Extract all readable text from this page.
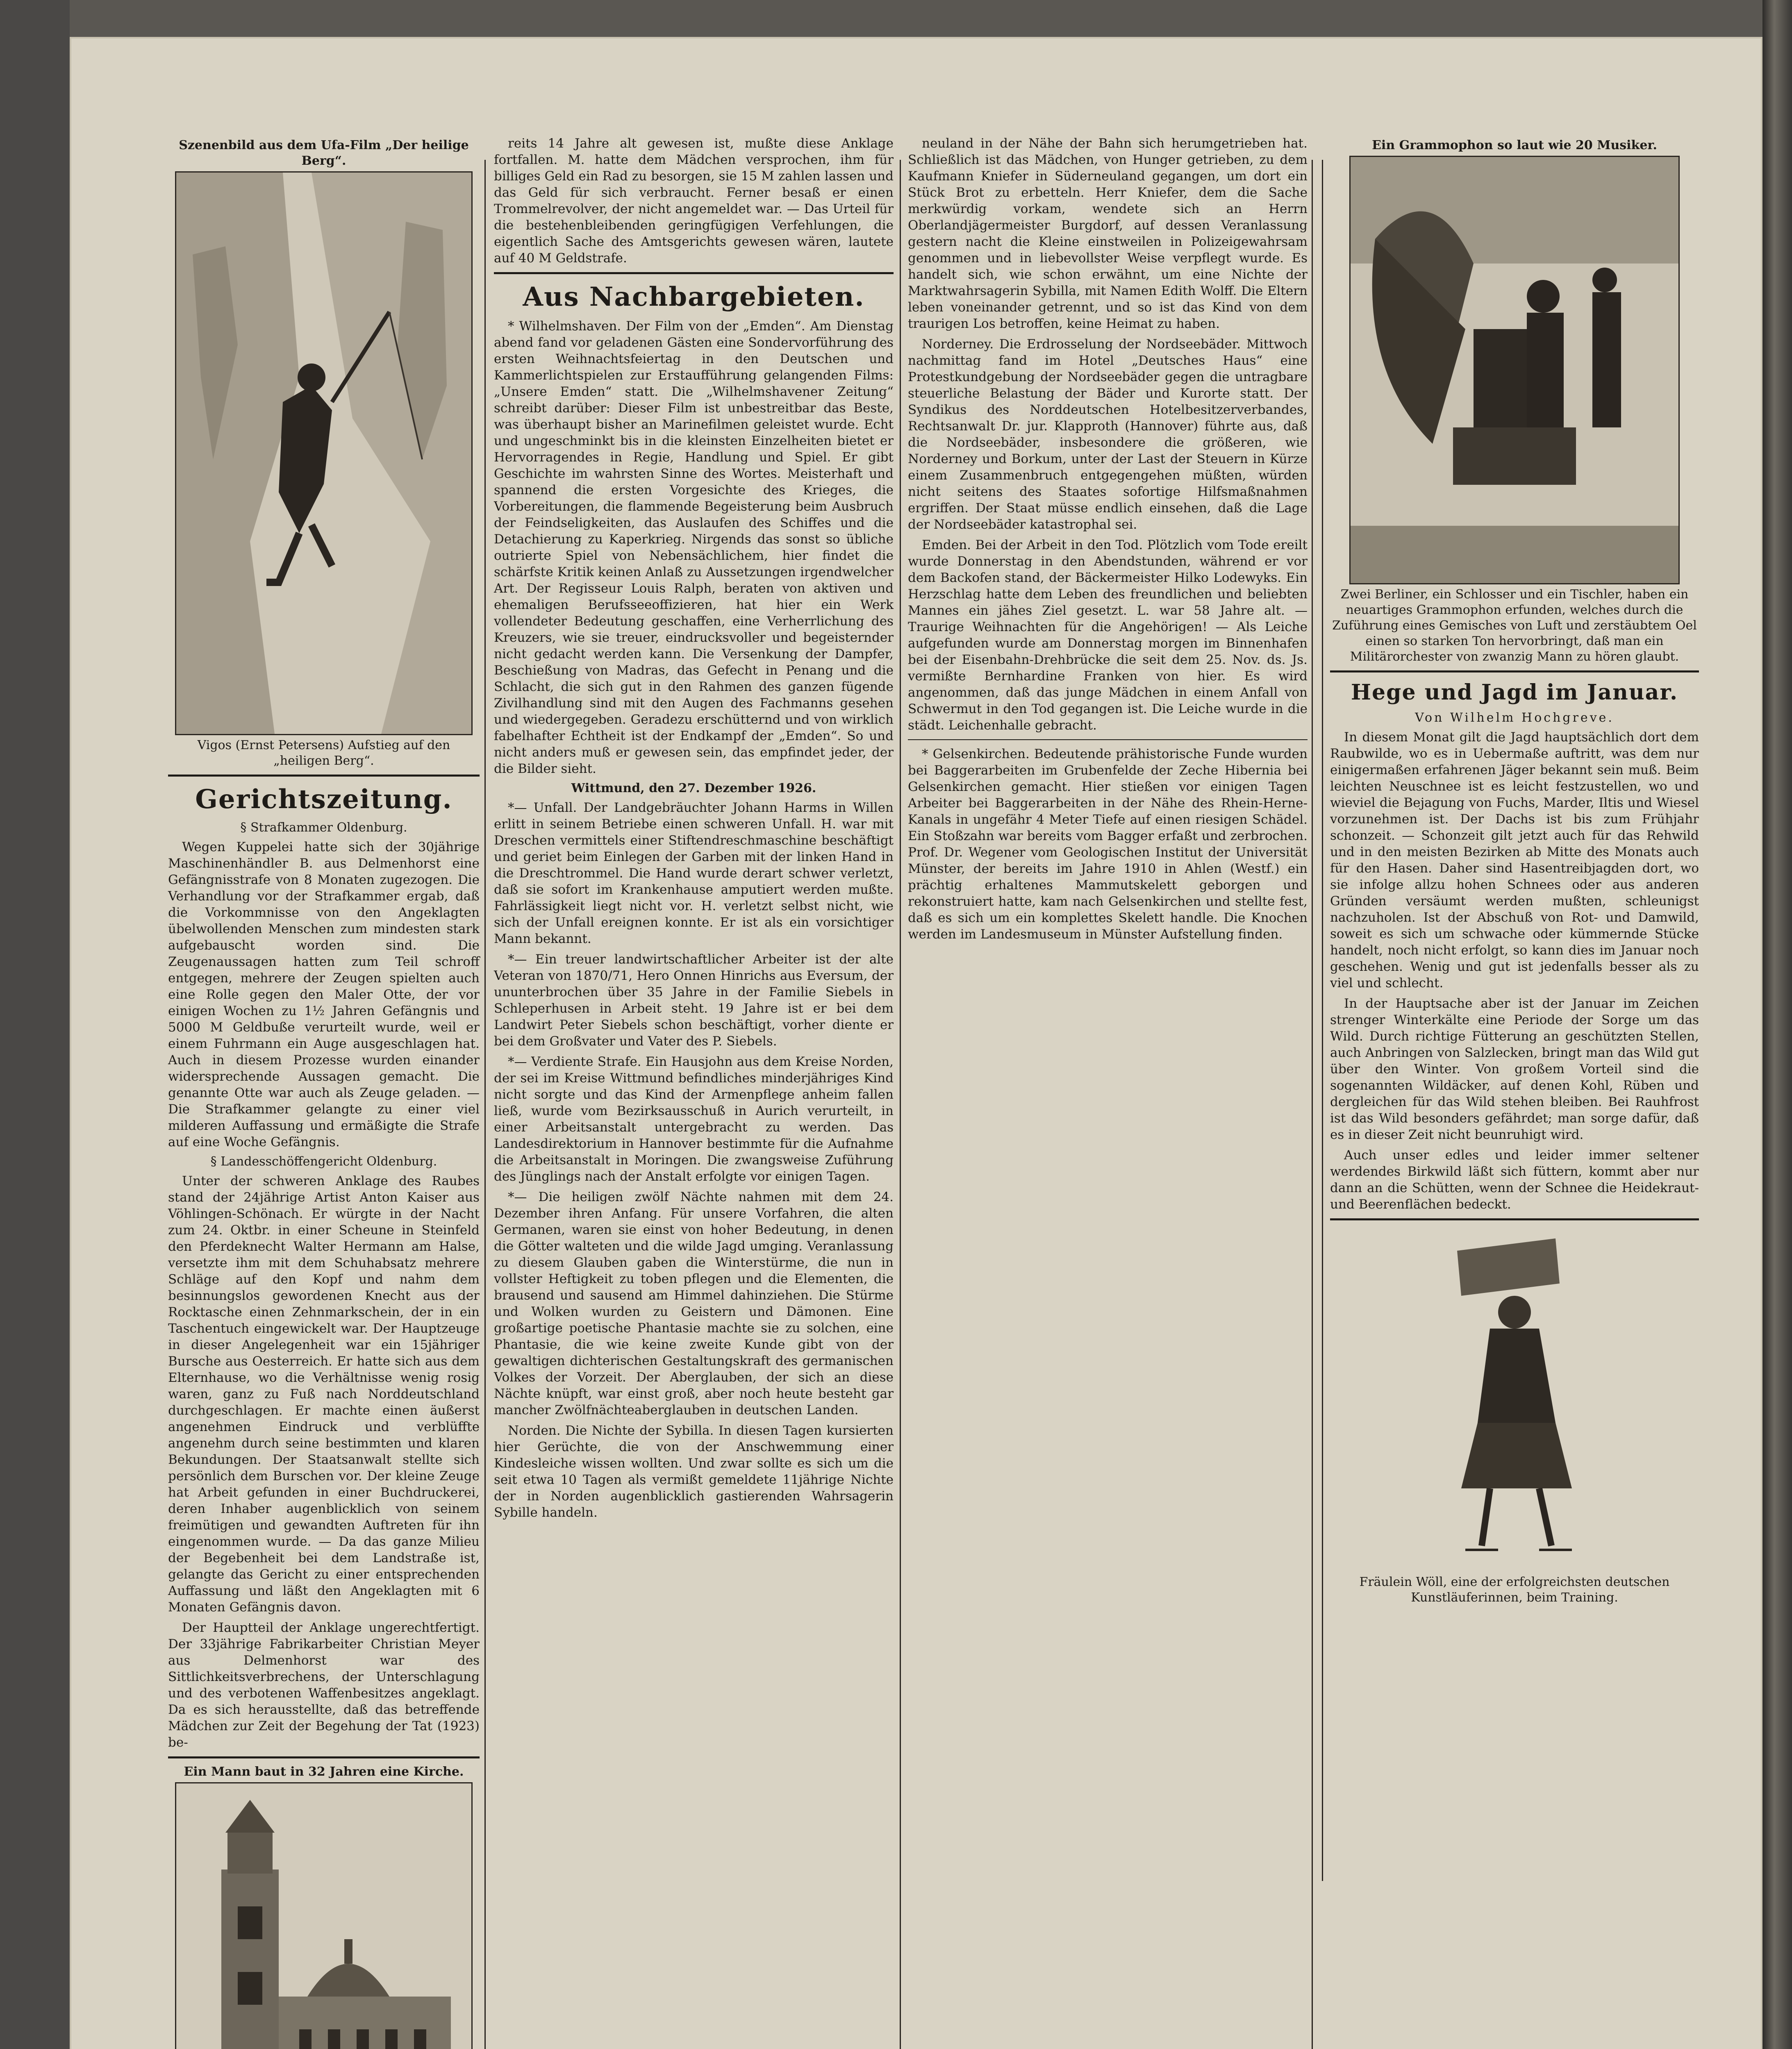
Szenenbild aus dem Ufa-Film „Der heilige Berg“.
Vigos (Ernst Petersens) Aufstieg auf den „heiligen Berg“.
Gerichtszeitung.
§ Strafkammer Oldenburg.

Wegen Kuppelei hatte sich der 30jährige Maschinenhändler B. aus Delmenhorst eine Gefängnisstrafe von 8 Monaten zugezogen. Die Verhandlung vor der Strafkammer ergab, daß die Vorkommnisse von den Angeklagten übelwollenden Menschen zum mindesten stark aufgebauscht worden sind. Die Zeugenaussagen hatten zum Teil schroff entgegen, mehrere der Zeugen spielten auch eine Rolle gegen den Maler Otte, der vor einigen Wochen zu 1½ Jahren Gefängnis und 5000 M Geldbuße verurteilt wurde, weil er einem Fuhrmann ein Auge ausgeschlagen hat. Auch in diesem Prozesse wurden einander widersprechende Aussagen gemacht. Die genannte Otte war auch als Zeuge geladen. — Die Strafkammer gelangte zu einer viel milderen Auffassung und ermäßigte die Strafe auf eine Woche Gefängnis.

§ Landesschöffengericht Oldenburg.

Unter der schweren Anklage des Raubes stand der 24jährige Artist Anton Kaiser aus Vöhlingen-Schönach. Er würgte in der Nacht zum 24. Oktbr. in einer Scheune in Steinfeld den Pferdeknecht Walter Hermann am Halse, versetzte ihm mit dem Schuhabsatz mehrere Schläge auf den Kopf und nahm dem besinnungslos gewordenen Knecht aus der Rocktasche einen Zehnmarkschein, der in ein Taschentuch eingewickelt war. Der Hauptzeuge in dieser Angelegenheit war ein 15jähriger Bursche aus Oesterreich. Er hatte sich aus dem Elternhause, wo die Verhältnisse wenig rosig waren, ganz zu Fuß nach Norddeutschland durchgeschlagen. Er machte einen äußerst angenehmen Eindruck und verblüffte angenehm durch seine bestimmten und klaren Bekundungen. Der Staatsanwalt stellte sich persönlich dem Burschen vor. Der kleine Zeuge hat Arbeit gefunden in einer Buchdruckerei, deren Inhaber augenblicklich von seinem freimütigen und gewandten Auftreten für ihn eingenommen wurde. — Da das ganze Milieu der Begebenheit bei dem Landstraße ist, gelangte das Gericht zu einer entsprechenden Auffassung und läßt den Angeklagten mit 6 Monaten Gefängnis davon.

Der Hauptteil der Anklage ungerechtfertigt. Der 33jährige Fabrikarbeiter Christian Meyer aus Delmenhorst war des Sittlichkeitsverbrechens, der Unterschlagung und des verbotenen Waffenbesitzes angeklagt. Da es sich herausstellte, daß das betreffende Mädchen zur Zeit der Begehung der Tat (1923) be-

Ein Mann baut in 32 Jahren eine Kirche.

reits 14 Jahre alt gewesen ist, mußte diese Anklage fortfallen. M. hatte dem Mädchen versprochen, ihm für billiges Geld ein Rad zu besorgen, sie 15 M zahlen lassen und das Geld für sich verbraucht. Ferner besaß er einen Trommelrevolver, der nicht angemeldet war. — Das Urteil für die bestehenbleibenden geringfügigen Verfehlungen, die eigentlich Sache des Amtsgerichts gewesen wären, lautete auf 40 M Geldstrafe.

Aus Nachbargebieten.

* Wilhelmshaven. Der Film von der „Emden“. Am Dienstag abend fand vor geladenen Gästen eine Sondervorführung des ersten Weihnachtsfeiertag in den Deutschen und Kammerlichtspielen zur Erstaufführung gelangenden Films: „Unsere Emden“ statt. Die „Wilhelmshavener Zeitung“ schreibt darüber: Dieser Film ist unbestreitbar das Beste, was überhaupt bisher an Marinefilmen geleistet wurde. Echt und ungeschminkt bis in die kleinsten Einzelheiten bietet er Hervorragendes in Regie, Handlung und Spiel. Er gibt Geschichte im wahrsten Sinne des Wortes. Meisterhaft und spannend die ersten Vorgesichte des Krieges, die Vorbereitungen, die flammende Begeisterung beim Ausbruch der Feindseligkeiten, das Auslaufen des Schiffes und die Detachierung zu Kaperkrieg. Nirgends das sonst so übliche outrierte Spiel von Nebensächlichem, hier findet die schärfste Kritik keinen Anlaß zu Aussetzungen irgendwelcher Art. Der Regisseur Louis Ralph, beraten von aktiven und ehemaligen Berufsseeoffizieren, hat hier ein Werk vollendeter Bedeutung geschaffen, eine Verherrlichung des Kreuzers, wie sie treuer, eindrucksvoller und begeisternder nicht gedacht werden kann. Die Versenkung der Dampfer, Beschießung von Madras, das Gefecht in Penang und die Schlacht, die sich gut in den Rahmen des ganzen fügende Zivilhandlung sind mit den Augen des Fachmanns gesehen und wiedergegeben. Geradezu erschütternd und von wirklich fabelhafter Echtheit ist der Endkampf der „Emden“. So und nicht anders muß er gewesen sein, das empfindet jeder, der die Bilder sieht.

Wittmund, den 27. Dezember 1926.

*— Unfall. Der Landgebräuchter Johann Harms in Willen erlitt in seinem Betriebe einen schweren Unfall. H. war mit Dreschen vermittels einer Stiftendreschmaschine beschäftigt und geriet beim Einlegen der Garben mit der linken Hand in die Dreschtrommel. Die Hand wurde derart schwer verletzt, daß sie sofort im Krankenhause amputiert werden mußte. Fahrlässigkeit liegt nicht vor. H. verletzt selbst nicht, wie sich der Unfall ereignen konnte. Er ist als ein vorsichtiger Mann bekannt.

*— Ein treuer landwirtschaftlicher Arbeiter ist der alte Veteran von 1870/71, Hero Onnen Hinrichs aus Eversum, der ununterbrochen über 35 Jahre in der Familie Siebels in Schleperhusen in Arbeit steht. 19 Jahre ist er bei dem Landwirt Peter Siebels schon beschäftigt, vorher diente er bei dem Großvater und Vater des P. Siebels.

*— Verdiente Strafe. Ein Hausjohn aus dem Kreise Norden, der sei im Kreise Wittmund befindliches minderjähriges Kind nicht sorgte und das Kind der Armenpflege anheim fallen ließ, wurde vom Bezirksausschuß in Aurich verurteilt, in einer Arbeitsanstalt untergebracht zu werden. Das Landesdirektorium in Hannover bestimmte für die Aufnahme die Arbeitsanstalt in Moringen. Die zwangsweise Zuführung des Jünglings nach der Anstalt erfolgte vor einigen Tagen.

*— Die heiligen zwölf Nächte nahmen mit dem 24. Dezember ihren Anfang. Für unsere Vorfahren, die alten Germanen, waren sie einst von hoher Bedeutung, in denen die Götter walteten und die wilde Jagd umging. Veranlassung zu diesem Glauben gaben die Winterstürme, die nun in vollster Heftigkeit zu toben pflegen und die Elementen, die brausend und sausend am Himmel dahinziehen. Die Stürme und Wolken wurden zu Geistern und Dämonen. Eine großartige poetische Phantasie machte sie zu solchen, eine Phantasie, die wie keine zweite Kunde gibt von der gewaltigen dichterischen Gestaltungskraft des germanischen Volkes der Vorzeit. Der Aberglauben, der sich an diese Nächte knüpft, war einst groß, aber noch heute besteht gar mancher Zwölfnächteaberglauben in deutschen Landen.

Norden. Die Nichte der Sybilla. In diesen Tagen kursierten hier Gerüchte, die von der Anschwemmung einer Kindesleiche wissen wollten. Und zwar sollte es sich um die seit etwa 10 Tagen als vermißt gemeldete 11jährige Nichte der in Norden augenblicklich gastierenden Wahrsagerin Sybille handeln.

neuland in der Nähe der Bahn sich herumgetrieben hat. Schließlich ist das Mädchen, von Hunger getrieben, zu dem Kaufmann Kniefer in Süderneuland gegangen, um dort ein Stück Brot zu erbetteln. Herr Kniefer, dem die Sache merkwürdig vorkam, wendete sich an Herrn Oberlandjägermeister Burgdorf, auf dessen Veranlassung gestern nacht die Kleine einstweilen in Polizeigewahrsam genommen und in liebevollster Weise verpflegt wurde. Es handelt sich, wie schon erwähnt, um eine Nichte der Marktwahrsagerin Sybilla, mit Namen Edith Wolff. Die Eltern leben voneinander getrennt, und so ist das Kind von dem traurigen Los betroffen, keine Heimat zu haben.

Norderney. Die Erdrosselung der Nordseebäder. Mittwoch nachmittag fand im Hotel „Deutsches Haus“ eine Protestkundgebung der Nordseebäder gegen die untragbare steuerliche Belastung der Bäder und Kurorte statt. Der Syndikus des Norddeutschen Hotelbesitzerverbandes, Rechtsanwalt Dr. jur. Klapproth (Hannover) führte aus, daß die Nordseebäder, insbesondere die größeren, wie Norderney und Borkum, unter der Last der Steuern in Kürze einem Zusammenbruch entgegengehen müßten, würden nicht seitens des Staates sofortige Hilfsmaßnahmen ergriffen. Der Staat müsse endlich einsehen, daß die Lage der Nordseebäder katastrophal sei.

Emden. Bei der Arbeit in den Tod. Plötzlich vom Tode ereilt wurde Donnerstag in den Abendstunden, während er vor dem Backofen stand, der Bäckermeister Hilko Lodewyks. Ein Herzschlag hatte dem Leben des freundlichen und beliebten Mannes ein jähes Ziel gesetzt. L. war 58 Jahre alt. — Traurige Weihnachten für die Angehörigen! — Als Leiche aufgefunden wurde am Donnerstag morgen im Binnenhafen bei der Eisenbahn-Drehbrücke die seit dem 25. Nov. ds. Js. vermißte Bernhardine Franken von hier. Es wird angenommen, daß das junge Mädchen in einem Anfall von Schwermut in den Tod gegangen ist. Die Leiche wurde in die städt. Leichenhalle gebracht.

* Gelsenkirchen. Bedeutende prähistorische Funde wurden bei Baggerarbeiten im Grubenfelde der Zeche Hibernia bei Gelsenkirchen gemacht. Hier stießen vor einigen Tagen Arbeiter bei Baggerarbeiten in der Nähe des Rhein-Herne-Kanals in ungefähr 4 Meter Tiefe auf einen riesigen Schädel. Ein Stoßzahn war bereits vom Bagger erfaßt und zerbrochen. Prof. Dr. Wegener vom Geologischen Institut der Universität Münster, der bereits im Jahre 1910 in Ahlen (Westf.) ein prächtig erhaltenes Mammutskelett geborgen und rekonstruiert hatte, kam nach Gelsenkirchen und stellte fest, daß es sich um ein komplettes Skelett handle. Die Knochen werden im Landesmuseum in Münster Aufstellung finden.

Ein Grammophon so laut wie 20 Musiker.
Zwei Berliner, ein Schlosser und ein Tischler, haben ein neuartiges Grammophon erfunden, welches durch die Zuführung eines Gemisches von Luft und zerstäubtem Oel einen so starken Ton hervorbringt, daß man ein Militärorchester von zwanzig Mann zu hören glaubt.
Hege und Jagd im Januar.
Von Wilhelm Hochgreve.

In diesem Monat gilt die Jagd hauptsächlich dort dem Raubwilde, wo es in Uebermaße auftritt, was dem nur einigermaßen erfahrenen Jäger bekannt sein muß. Beim leichten Neuschnee ist es leicht festzustellen, wo und wieviel die Bejagung von Fuchs, Marder, Iltis und Wiesel vorzunehmen ist. Der Dachs ist bis zum Frühjahr schonzeit. — Schonzeit gilt jetzt auch für das Rehwild und in den meisten Bezirken ab Mitte des Monats auch für den Hasen. Daher sind Hasentreibjagden dort, wo sie infolge allzu hohen Schnees oder aus anderen Gründen versäumt werden mußten, schleunigst nachzuholen. Ist der Abschuß von Rot- und Damwild, soweit es sich um schwache oder kümmernde Stücke handelt, noch nicht erfolgt, so kann dies im Januar noch geschehen. Wenig und gut ist jedenfalls besser als zu viel und schlecht.

In der Hauptsache aber ist der Januar im Zeichen strenger Winterkälte eine Periode der Sorge um das Wild. Durch richtige Fütterung an geschützten Stellen, auch Anbringen von Salzlecken, bringt man das Wild gut über den Winter. Von großem Vorteil sind die sogenannten Wildäcker, auf denen Kohl, Rüben und dergleichen für das Wild stehen bleiben. Bei Rauhfrost ist das Wild besonders gefährdet; man sorge dafür, daß es in dieser Zeit nicht beunruhigt wird.

Auch unser edles und leider immer seltener werdendes Birkwild läßt sich füttern, kommt aber nur dann an die Schütten, wenn der Schnee die Heidekraut- und Beerenflächen bedeckt.

Fräulein Wöll, eine der erfolgreichsten deutschen Kunstläuferinnen, beim Training.
